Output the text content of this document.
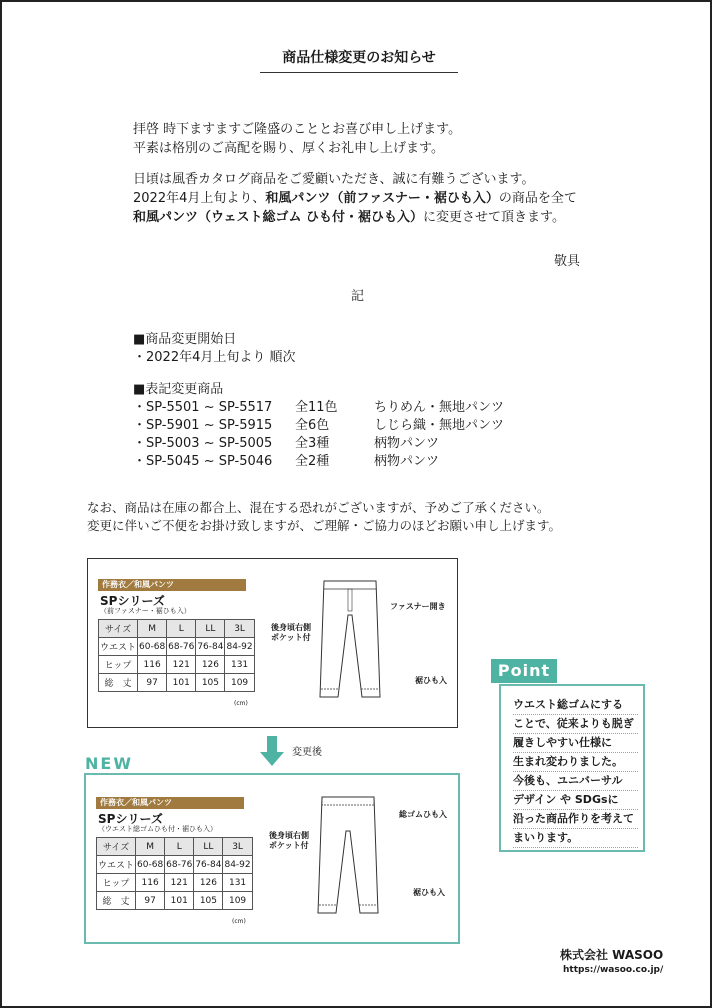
商品仕様変更のお知らせ
拝啓 時下ますますご隆盛のこととお喜び申し上げます。
平素は格別のご高配を賜り、厚くお礼申し上げます。
日頃は風香カタログ商品をご愛顧いただき、誠に有難うございます。
2022年4月上旬より、和風パンツ（前ファスナー・裾ひも入）の商品を全て
和風パンツ（ウェスト総ゴム ひも付・裾ひも入）に変更させて頂きます。
敬具
記
■商品変更開始日
・2022年4月上旬より 順次
■表記変更商品
・SP-5501 ~ SP-5517 全11色	ちりめん・無地パンツ
・SP-5901 ~ SP-5915 全6色	しじら織・無地パンツ
・SP-5003 ~ SP-5005 全3種	柄物パンツ
・SP-5045 ~ SP-5046 全2種	柄物パンツ
なお、商品は在庫の都合上、混在する恐れがございますが、予めご了承ください。
変更に伴いご不便をお掛け致しますが、ご理解・ご協力のほどお願い申し上げます。
作務衣／和風パンツ
SPシリーズ
（前ファスナー・裾ひも入）
サイズ	M	L	LL	3L
ウエスト	60-68	68-76	76-84	84-92
ヒップ	116	121	126	131
総　丈	97	101	105	109
(cm)
ファスナー開き
後身頃右側
ポケット付
裾ひも入
変更後
NEW
作務衣／和風パンツ
SPシリーズ
（ウエスト総ゴムひも付・裾ひも入）
サイズ	M	L	LL	3L
ウエスト	60-68	68-76	76-84	84-92
ヒップ	116	121	126	131
総　丈	97	101	105	109
(cm)
総ゴムひも入
後身頃右側
ポケット付
裾ひも入
ウエスト総ゴムにする
ことで、従来よりも脱ぎ
履きしやすい仕様に
生まれ変わりました。
今後も、ユニバーサル
デザイン や SDGsに
沿った商品作りを考えて
まいります。
Point
株式会社 WASOO
https://wasoo.co.jp/
